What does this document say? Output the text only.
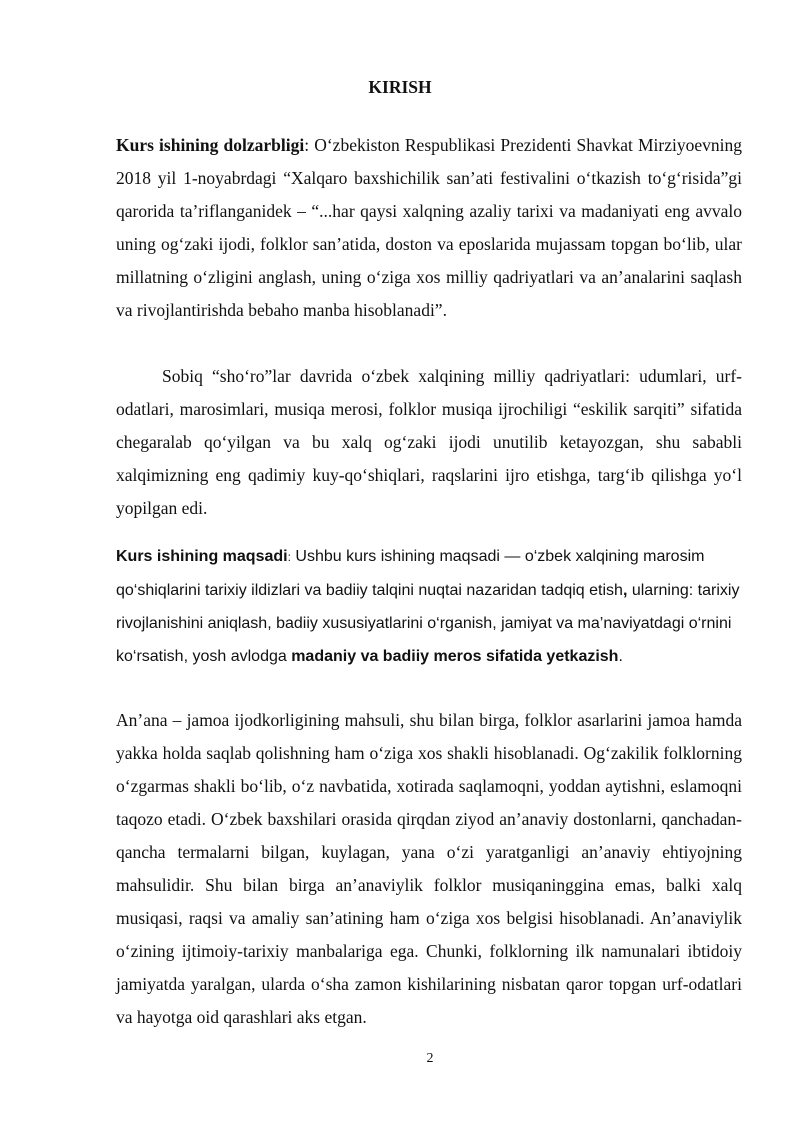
KIRISH

Kurs ishining dolzarbligi: O‘zbekiston Respublikasi Prezidenti Shavkat Mirziyoevning 2018 yil 1-noyabrdagi “Xalqaro baxshichilik san’ati festivalini o‘tkazish to‘g‘risida”gi qarorida ta’riflanganidek – “...har qaysi xalqning azaliy tarixi va madaniyati eng avvalo uning og‘zaki ijodi, folklor san’atida, doston va eposlarida mujassam topgan bo‘lib, ular millatning o‘zligini anglash, uning o‘ziga xos milliy qadriyatlari va an’analarini saqlash va rivojlantirishda bebaho manba hisoblanadi”.

Sobiq “sho‘ro”lar davrida o‘zbek xalqining milliy qadriyatlari: udumlari, urf-odatlari, marosimlari, musiqa merosi, folklor musiqa ijrochiligi “eskilik sarqiti” sifatida chegaralab qo‘yilgan va bu xalq og‘zaki ijodi unutilib ketayozgan, shu sababli xalqimizning eng qadimiy kuy-qo‘shiqlari, raqslarini ijro etishga, targ‘ib qilishga yo‘l yopilgan edi.

Kurs ishining maqsadi: Ushbu kurs ishining maqsadi — o‘zbek xalqining marosim qo‘shiqlarini tarixiy ildizlari va badiiy talqini nuqtai nazaridan tadqiq etish, ularning: tarixiy rivojlanishini aniqlash, badiiy xususiyatlarini o‘rganish, jamiyat va ma’naviyatdagi o‘rnini ko‘rsatish, yosh avlodga madaniy va badiiy meros sifatida yetkazish.

An’ana – jamoa ijodkorligining mahsuli, shu bilan birga, folklor asarlarini jamoa hamda yakka holda saqlab qolishning ham o‘ziga xos shakli hisoblanadi. Og‘zakilik folklorning o‘zgarmas shakli bo‘lib, o‘z navbatida, xotirada saqlamoqni, yoddan aytishni, eslamoqni taqozo etadi. O‘zbek baxshilari orasida qirqdan ziyod an’anaviy dostonlarni, qanchadan-qancha termalarni bilgan, kuylagan, yana o‘zi yaratganligi an’anaviy ehtiyojning mahsulidir. Shu bilan birga an’anaviylik folklor musiqaninggina emas, balki xalq musiqasi, raqsi va amaliy san’atining ham o‘ziga xos belgisi hisoblanadi. An’anaviylik o‘zining ijtimoiy-tarixiy manbalariga ega. Chunki, folklorning ilk namunalari ibtidoiy jamiyatda yaralgan, ularda o‘sha zamon kishilarining nisbatan qaror topgan urf-odatlari va hayotga oid qarashlari aks etgan.

2
